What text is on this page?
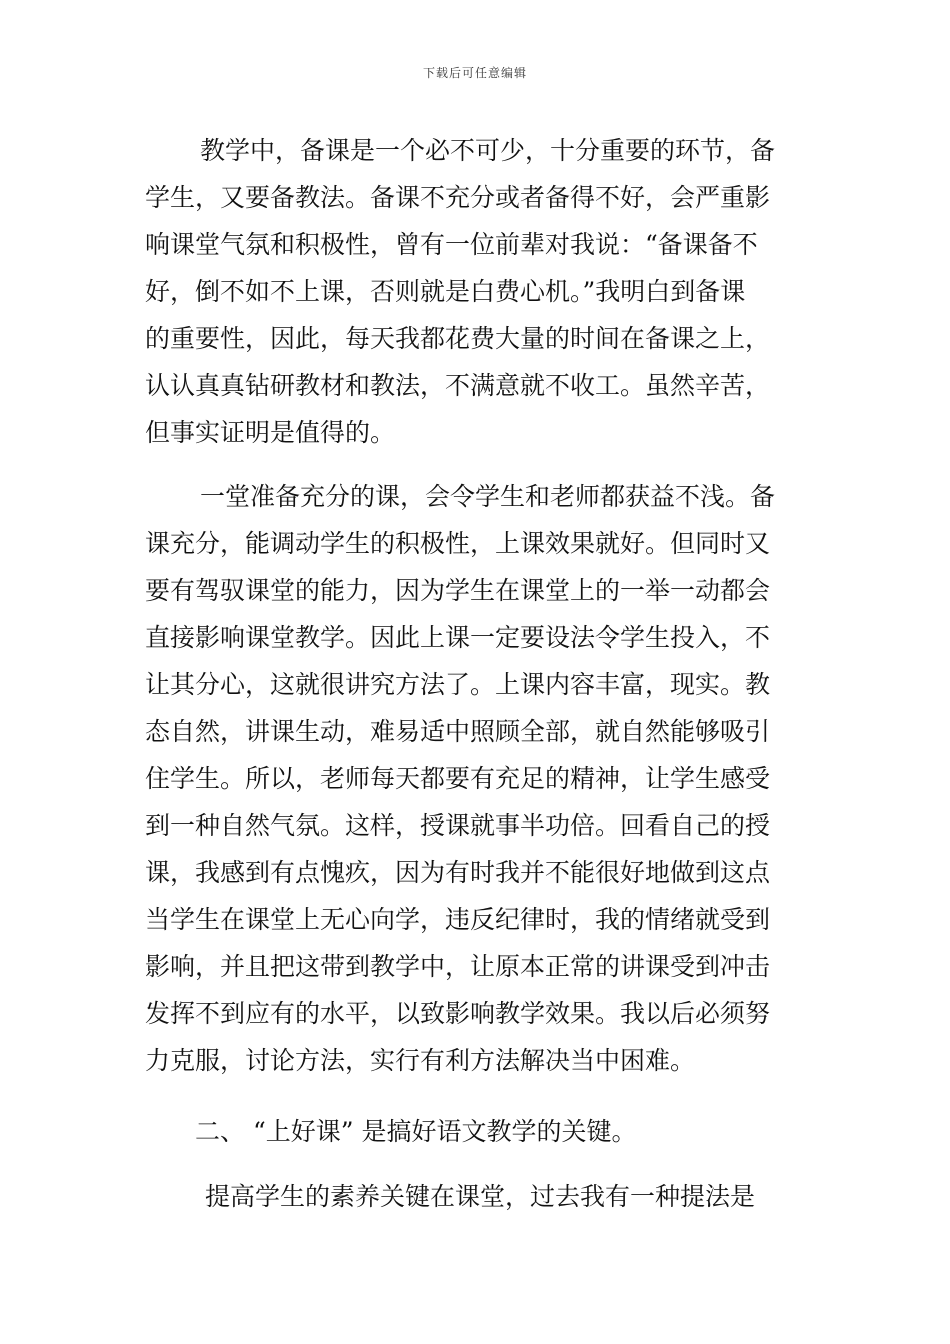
下载后可任意编辑
教学中，备课是一个必不可少，十分重要的环节，备
学生，又要备教法。备课不充分或者备得不好，会严重影
响课堂气氛和积极性，曾有一位前辈对我说：“备课备不
好，倒不如不上课，否则就是白费心机。”我明白到备课
的重要性，因此，每天我都花费大量的时间在备课之上，
认认真真钻研教材和教法，不满意就不收工。虽然辛苦，
但事实证明是值得的。
一堂准备充分的课，会令学生和老师都获益不浅。备
课充分，能调动学生的积极性，上课效果就好。但同时又
要有驾驭课堂的能力，因为学生在课堂上的一举一动都会
直接影响课堂教学。因此上课一定要设法令学生投入，不
让其分心，这就很讲究方法了。上课内容丰富，现实。教
态自然，讲课生动，难易适中照顾全部，就自然能够吸引
住学生。所以，老师每天都要有充足的精神，让学生感受
到一种自然气氛。这样，授课就事半功倍。回看自己的授
课，我感到有点愧疚，因为有时我并不能很好地做到这点
当学生在课堂上无心向学，违反纪律时，我的情绪就受到
影响，并且把这带到教学中，让原本正常的讲课受到冲击
发挥不到应有的水平，以致影响教学效果。我以后必须努
力克服，讨论方法，实行有利方法解决当中困难。
二、 “上好课” 是搞好语文教学的关键。
提高学生的素养关键在课堂，过去我有一种提法是
